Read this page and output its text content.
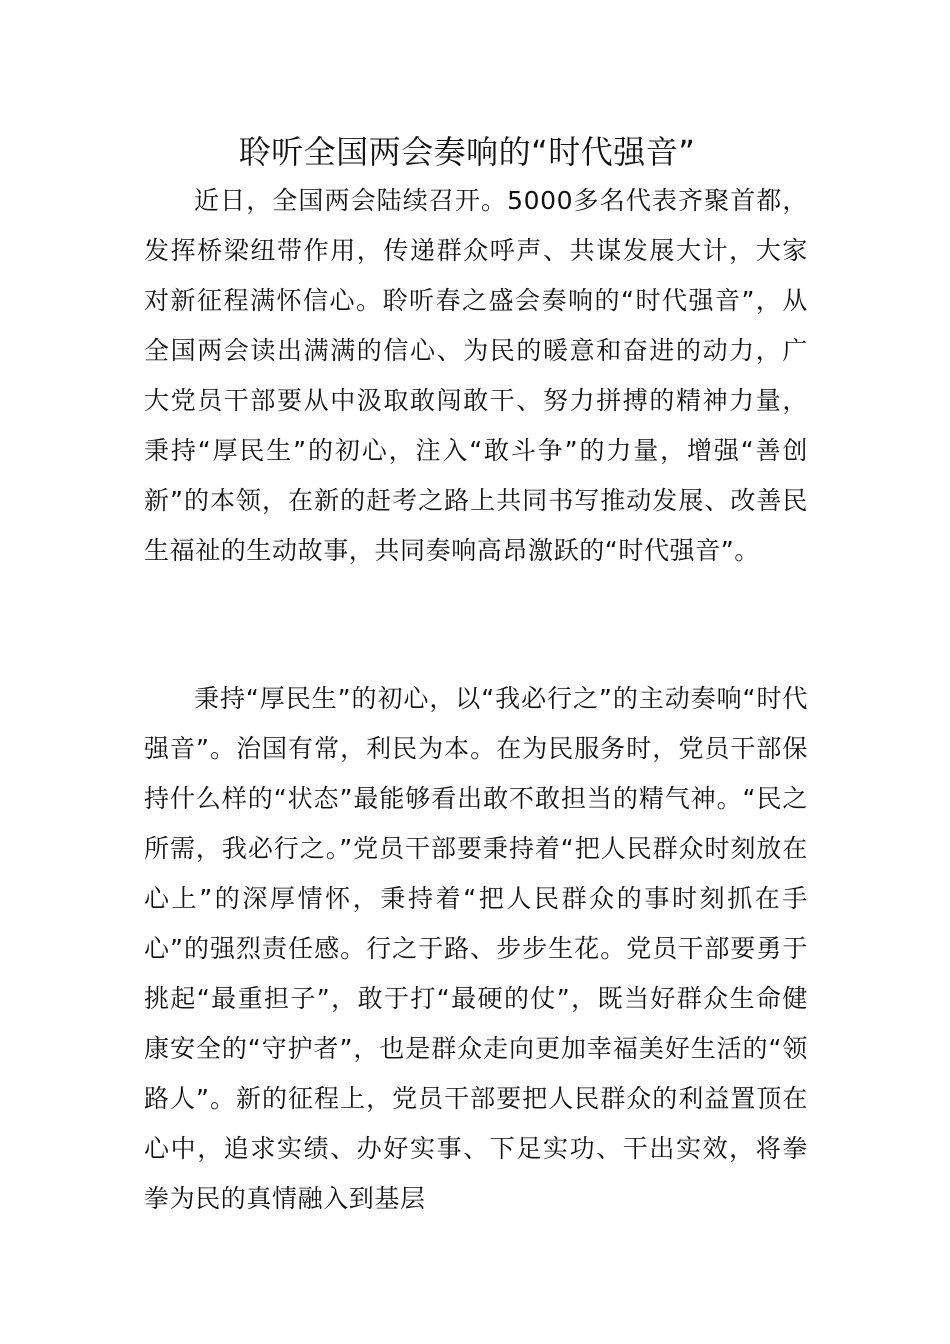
聆听全国两会奏响的“时代强音”

近日，全国两会陆续召开。5000多名代表齐聚首都，发挥桥梁纽带作用，传递群众呼声、共谋发展大计，大家对新征程满怀信心。聆听春之盛会奏响的“时代强音”，从全国两会读出满满的信心、为民的暖意和奋进的动力，广大党员干部要从中汲取敢闯敢干、努力拼搏的精神力量，秉持“厚民生”的初心，注入“敢斗争”的力量，增强“善创新”的本领，在新的赶考之路上共同书写推动发展、改善民生福祉的生动故事，共同奏响高昂激跃的“时代强音”。

秉持“厚民生”的初心，以“我必行之”的主动奏响“时代强音”。治国有常，利民为本。在为民服务时，党员干部保持什么样的“状态”最能够看出敢不敢担当的精气神。“民之所需，我必行之。”党员干部要秉持着“把人民群众时刻放在心上”的深厚情怀，秉持着“把人民群众的事时刻抓在手心”的强烈责任感。行之于路、步步生花。党员干部要勇于挑起“最重担子”，敢于打“最硬的仗”，既当好群众生命健康安全的“守护者”，也是群众走向更加幸福美好生活的“领路人”。新的征程上，党员干部要把人民群众的利益置顶在心中，追求实绩、办好实事、下足实功、干出实效，将拳拳为民的真情融入到基层
